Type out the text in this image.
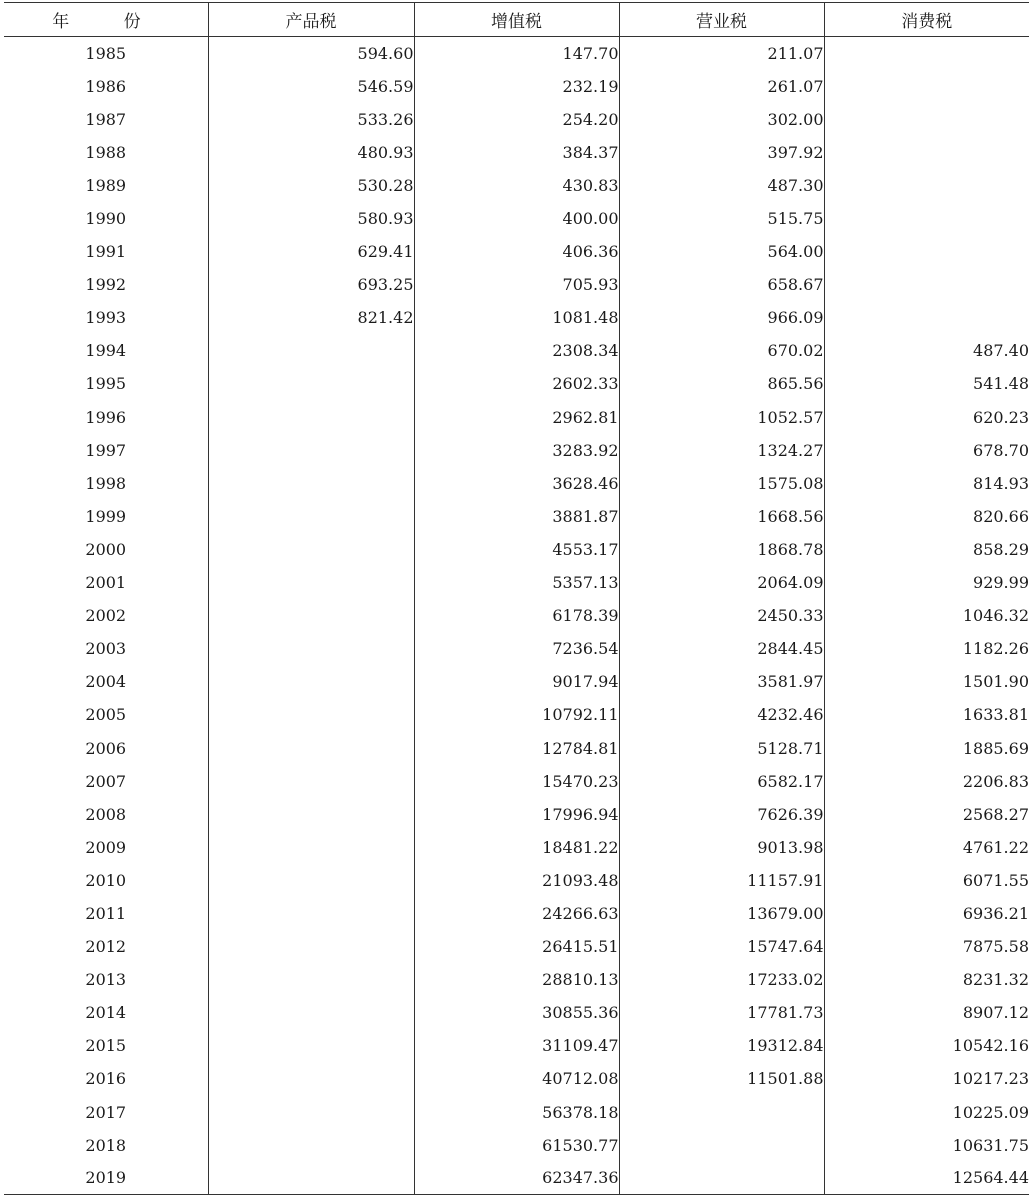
年　份	产品税	增值税	营业税	消费税
1985	594.60	147.70	211.07	
1986	546.59	232.19	261.07	
1987	533.26	254.20	302.00	
1988	480.93	384.37	397.92	
1989	530.28	430.83	487.30	
1990	580.93	400.00	515.75	
1991	629.41	406.36	564.00	
1992	693.25	705.93	658.67	
1993	821.42	1081.48	966.09	
1994		2308.34	670.02	487.40
1995		2602.33	865.56	541.48
1996		2962.81	1052.57	620.23
1997		3283.92	1324.27	678.70
1998		3628.46	1575.08	814.93
1999		3881.87	1668.56	820.66
2000		4553.17	1868.78	858.29
2001		5357.13	2064.09	929.99
2002		6178.39	2450.33	1046.32
2003		7236.54	2844.45	1182.26
2004		9017.94	3581.97	1501.90
2005		10792.11	4232.46	1633.81
2006		12784.81	5128.71	1885.69
2007		15470.23	6582.17	2206.83
2008		17996.94	7626.39	2568.27
2009		18481.22	9013.98	4761.22
2010		21093.48	11157.91	6071.55
2011		24266.63	13679.00	6936.21
2012		26415.51	15747.64	7875.58
2013		28810.13	17233.02	8231.32
2014		30855.36	17781.73	8907.12
2015		31109.47	19312.84	10542.16
2016		40712.08	11501.88	10217.23
2017		56378.18		10225.09
2018		61530.77		10631.75
2019		62347.36		12564.44
